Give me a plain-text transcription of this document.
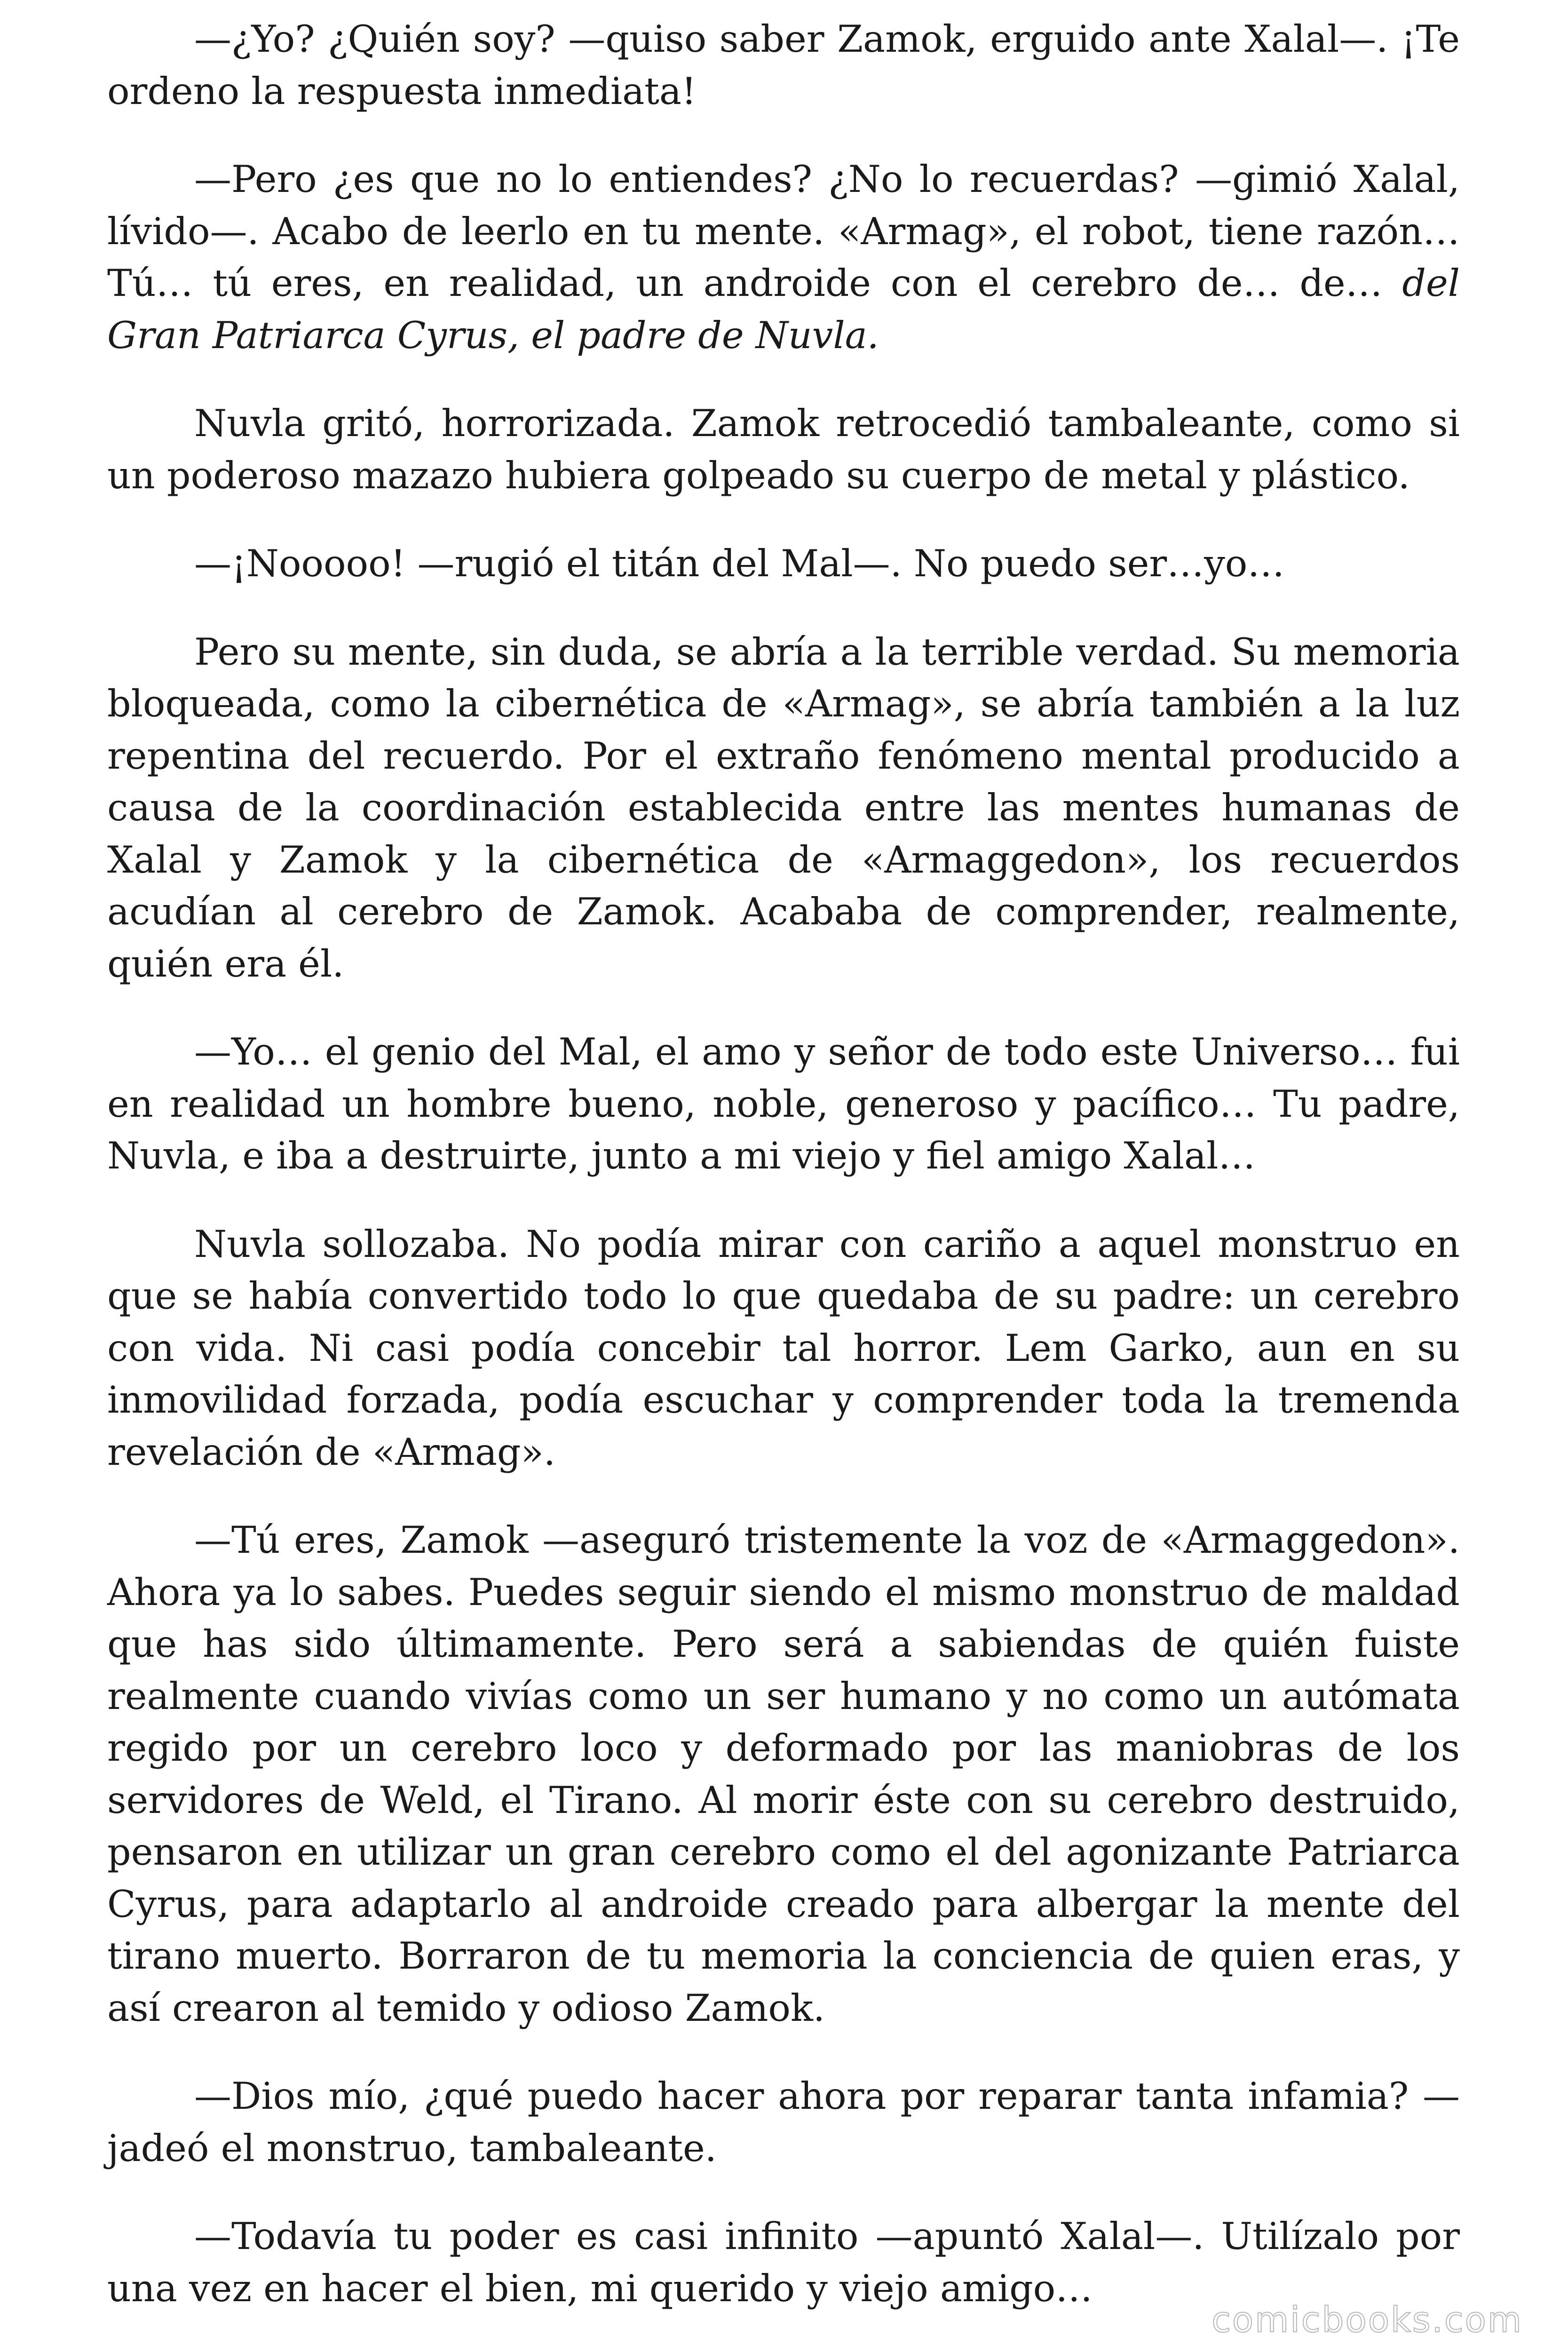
—¿Yo? ¿Quién soy? —quiso saber Zamok, erguido ante Xalal—. ¡Te ordeno la respuesta inmediata!

—Pero ¿es que no lo entiendes? ¿No lo recuerdas? —gimió Xalal, lívido—. Acabo de leerlo en tu mente. «Armag», el robot, tiene razón… Tú… tú eres, en realidad, un androide con el cerebro de… de… del Gran Patriarca Cyrus, el padre de Nuvla.

Nuvla gritó, horrorizada. Zamok retrocedió tambaleante, como si un poderoso mazazo hubiera golpeado su cuerpo de metal y plástico.

—¡Nooooo! —rugió el titán del Mal—. No puedo ser…yo…

Pero su mente, sin duda, se abría a la terrible verdad. Su memoria bloqueada, como la cibernética de «Armag», se abría también a la luz repentina del recuerdo. Por el extraño fenómeno mental producido a causa de la coordinación establecida entre las mentes humanas de Xalal y Zamok y la cibernética de «Armaggedon», los recuerdos acudían al cerebro de Zamok. Acababa de comprender, realmente, quién era él.

—Yo… el genio del Mal, el amo y señor de todo este Universo… fui en realidad un hombre bueno, noble, generoso y pacífico… Tu padre, Nuvla, e iba a destruirte, junto a mi viejo y fiel amigo Xalal…

Nuvla sollozaba. No podía mirar con cariño a aquel monstruo en que se había convertido todo lo que quedaba de su padre: un cerebro con vida. Ni casi podía concebir tal horror. Lem Garko, aun en su inmovilidad forzada, podía escuchar y comprender toda la tremenda revelación de «Armag».

—Tú eres, Zamok —aseguró tristemente la voz de «Armaggedon». Ahora ya lo sabes. Puedes seguir siendo el mismo monstruo de maldad que has sido últimamente. Pero será a sabiendas de quién fuiste realmente cuando vivías como un ser humano y no como un autómata regido por un cerebro loco y deformado por las maniobras de los servidores de Weld, el Tirano. Al morir éste con su cerebro destruido, pensaron en utilizar un gran cerebro como el del agonizante Patriarca Cyrus, para adaptarlo al androide creado para albergar la mente del tirano muerto. Borraron de tu memoria la conciencia de quien eras, y así crearon al temido y odioso Zamok.

—Dios mío, ¿qué puedo hacer ahora por reparar tanta infamia? —jadeó el monstruo, tambaleante.

—Todavía tu poder es casi infinito —apuntó Xalal—. Utilízalo por una vez en hacer el bien, mi querido y viejo amigo…

comicbooks.com
